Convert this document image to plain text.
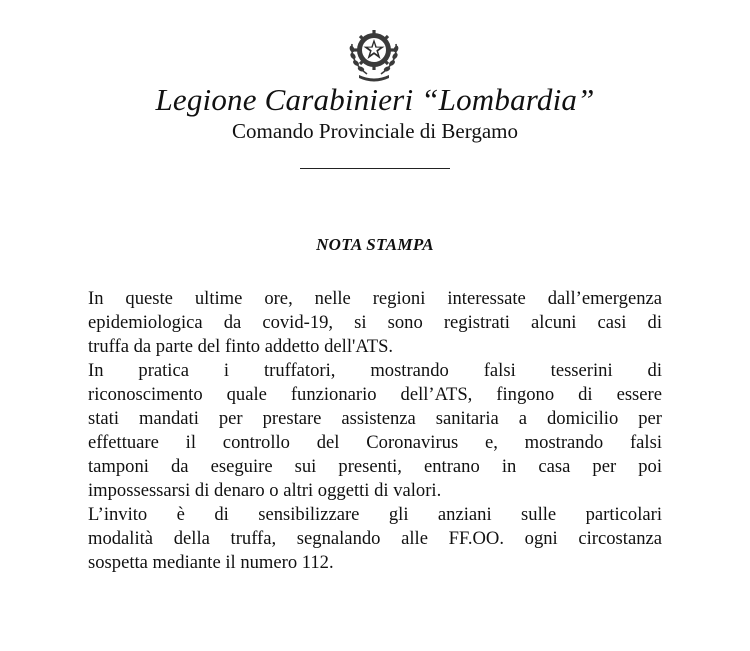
Legione Carabinieri “Lombardia”
Comando Provinciale di Bergamo
NOTA STAMPA
In queste ultime ore, nelle regioni interessate dall’emergenza
epidemiologica da covid-19, si sono registrati alcuni casi di
truffa da parte del finto addetto dell'ATS.
In pratica i truffatori, mostrando falsi tesserini di
riconoscimento quale funzionario dell’ATS, fingono di essere
stati mandati per prestare assistenza sanitaria a domicilio per
effettuare il controllo del Coronavirus e, mostrando falsi
tamponi da eseguire sui presenti, entrano in casa per poi
impossessarsi di denaro o altri oggetti di valori.
L’invito è di sensibilizzare gli anziani sulle particolari
modalità della truffa, segnalando alle FF.OO. ogni circostanza
sospetta mediante il numero 112.
